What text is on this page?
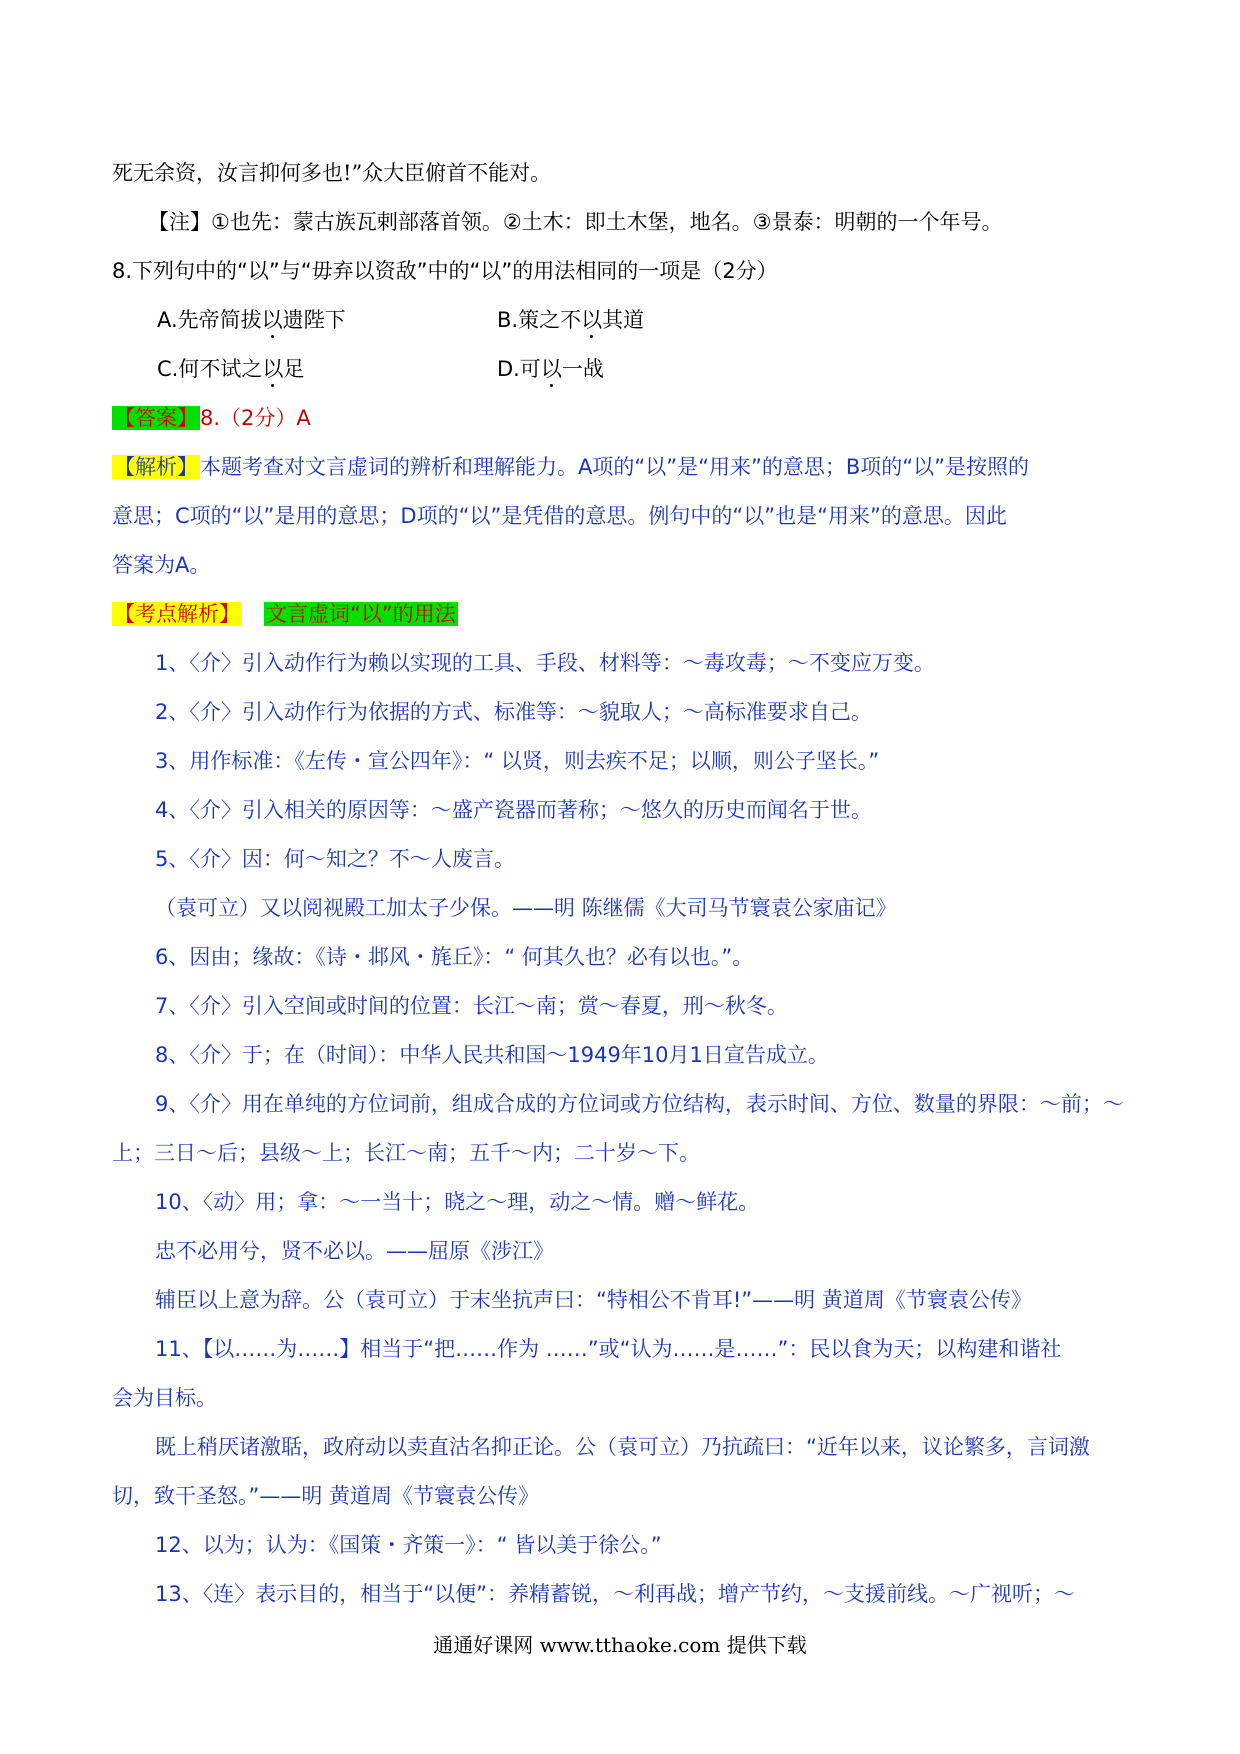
死无余资，汝言抑何多也!”众大臣俯首不能对。
【注】①也先：蒙古族瓦剌部落首领。②土木：即土木堡，地名。③景泰：明朝的一个年号。
8.下列句中的“以”与“毋弃以资敌”中的“以”的用法相同的一项是（2分）
A.先帝简拔以遗陛下	B.策之不以其道
C.何不试之以足	D.可以一战
【答案】8.（2分）A
【解析】本题考查对文言虚词的辨析和理解能力。A项的“以”是“用来”的意思；B项的“以”是按照的
意思；C项的“以”是用的意思；D项的“以”是凭借的意思。例句中的“以”也是“用来”的意思。因此
答案为A。
【考点解析】 文言虚词“以”的用法
1、〈介〉引入动作行为赖以实现的工具、手段、材料等：～毒攻毒；～不变应万变。
2、〈介〉引入动作行为依据的方式、标准等：～貌取人；～高标准要求自己。
3、用作标准：《左传・宣公四年》：“ 以贤，则去疾不足；以顺，则公子坚长。”
4、〈介〉引入相关的原因等：～盛产瓷器而著称；～悠久的历史而闻名于世。
5、〈介〉因：何～知之？不～人废言。
（袁可立）又以阅视殿工加太子少保。——明 陈继儒《大司马节寰袁公家庙记》
6、因由；缘故：《诗・邶风・旄丘》：“ 何其久也？必有以也。”。
7、〈介〉引入空间或时间的位置：长江～南；赏～春夏，刑～秋冬。
8、〈介〉于；在（时间）：中华人民共和国～1949年10月1日宣告成立。
9、〈介〉用在单纯的方位词前，组成合成的方位词或方位结构，表示时间、方位、数量的界限：～前；～
上；三日～后；县级～上；长江～南；五千～内；二十岁～下。
10、〈动〉用；拿：～一当十；晓之～理，动之～情。赠～鲜花。
忠不必用兮，贤不必以。——屈原《涉江》
辅臣以上意为辞。公（袁可立）于末坐抗声曰：“特相公不肯耳!”——明 黄道周《节寰袁公传》
11、【以……为……】相当于“把……作为 ……”或“认为……是……”：民以食为天；以构建和谐社
会为目标。
既上稍厌诸激聒，政府动以卖直沽名抑正论。公（袁可立）乃抗疏曰：“近年以来，议论繁多，言词激
切，致干圣怒。”——明 黄道周《节寰袁公传》
12、以为；认为：《国策・齐策一》：“ 皆以美于徐公。”
13、〈连〉表示目的，相当于“以便”：养精蓄锐，～利再战；增产节约，～支援前线。～广视听；～
通通好课网 www.tthaoke.com 提供下载
